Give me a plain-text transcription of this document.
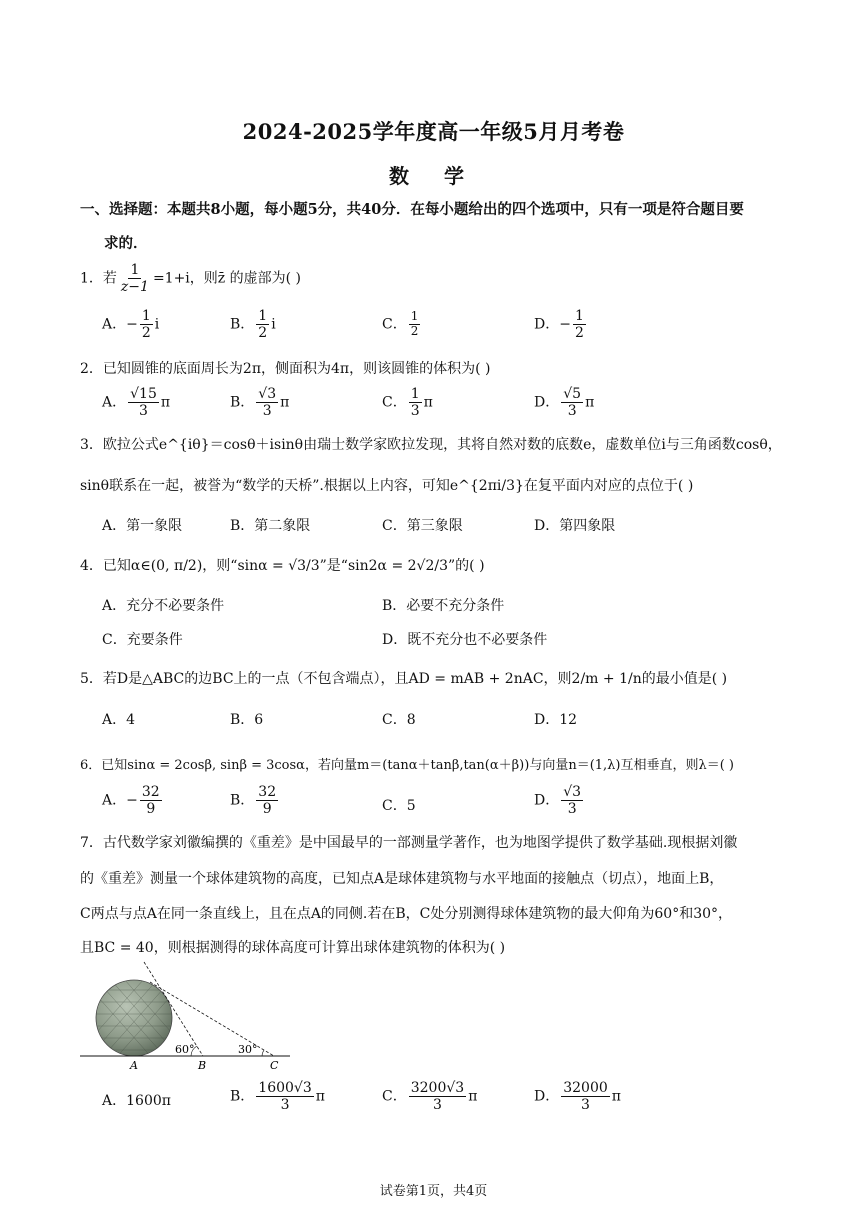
2024-2025学年度高一年级5月月考卷
数 学
一、选择题：本题共8小题，每小题5分，共40分．在每小题给出的四个选项中，只有一项是符合题目要
求的．
1．若 $\frac{1}{z-1} =1+i$，则z̄ 的虚部为( )
A．− $\frac{1}{2}$ i	B． $\frac{1}{2}$ i	C． $\frac{1}{2}$	D．− $\frac{1}{2}$
2．已知圆锥的底面周长为2π，侧面积为4π，则该圆锥的体积为( )
A． $\frac{√15}{3}$ π	B． $\frac{√3}{3}$ π	C． $\frac{1}{3}$ π	D． $\frac{√5}{3}$ π
3．欧拉公式e^{iθ}＝cosθ＋isinθ由瑞士数学家欧拉发现，其将自然对数的底数e，虚数单位i与三角函数cosθ，
sinθ联系在一起，被誉为“数学的天桥”.根据以上内容，可知e^{2πi/3}在复平面内对应的点位于( )
A．第一象限	B．第二象限	C．第三象限	D．第四象限
4．已知α∈(0, π/2)，则“sinα = √3/3”是“sin2α = 2√2/3”的( )
A．充分不必要条件	B．必要不充分条件
C．充要条件	D．既不充分也不必要条件
5．若D是△ABC的边BC上的一点（不包含端点），且AD = mAB + 2nAC，则2/m + 1/n的最小值是( )
A．4	B．6	C．8	D．12
6．已知sinα = 2cosβ, sinβ = 3cosα，若向量m＝(tanα＋tanβ,tan(α＋β))与向量n＝(1,λ)互相垂直，则λ＝( )
A．− $\frac{32}{9}$	B． $\frac{32}{9}$	C．5	D． $\frac{√3}{3}$
7．古代数学家刘徽编撰的《重差》是中国最早的一部测量学著作，也为地图学提供了数学基础.现根据刘徽
的《重差》测量一个球体建筑物的高度，已知点A是球体建筑物与水平地面的接触点（切点），地面上B，
C两点与点A在同一条直线上，且在点A的同侧.若在B，C处分别测得球体建筑物的最大仰角为60°和30°，
且BC = 40，则根据测得的球体高度可计算出球体建筑物的体积为( )
60°	30°
A	B	C
A．1600π	B． $\frac{1600√3}{3}$ π	C． $\frac{3200√3}{3}$ π	D． $\frac{32000}{3}$ π
试卷第1页，共4页
